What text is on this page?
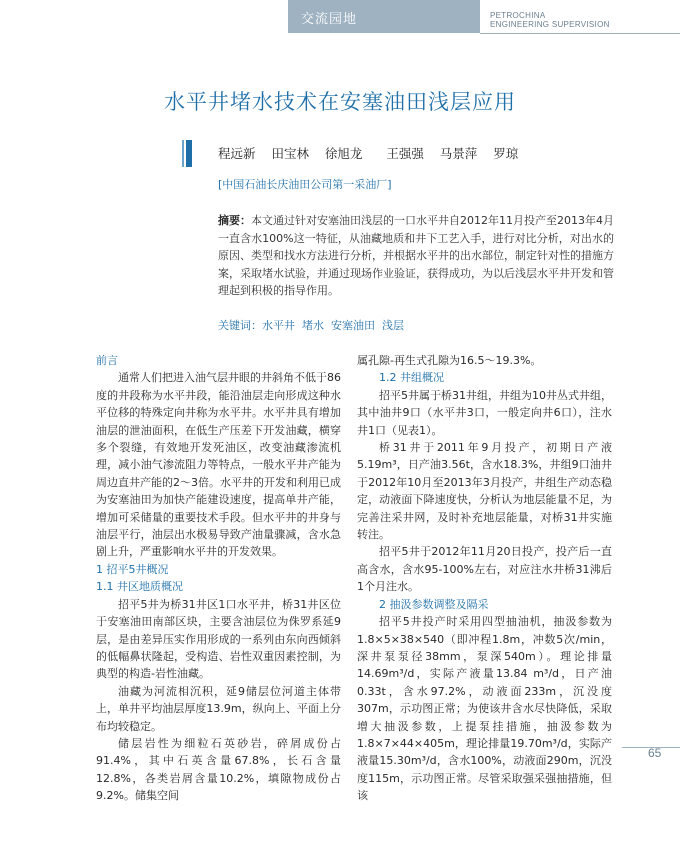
交流园地	PETROCHINA
ENGINEERING SUPERVISION
水平井堵水技术在安塞油田浅层应用
程远新  田宝林  徐旭龙   王强强  马景萍  罗琼
[中国石油长庆油田公司第一采油厂]
摘要：本文通过针对安塞油田浅层的一口水平井自2012年11月投产至2013年4月一直含水100%这一特征，从油藏地质和井下工艺入手，进行对比分析，对出水的原因、类型和找水方法进行分析，并根据水平井的出水部位，制定针对性的措施方案，采取堵水试验，并通过现场作业验证，获得成功，为以后浅层水平井开发和管理起到积极的指导作用。
关键词：水平井  堵水  安塞油田  浅层
前言

通常人们把进入油气层井眼的井斜角不低于86度的井段称为水平井段，能沿油层走向形成这种水平位移的特殊定向井称为水平井。水平井具有增加油层的泄油面积，在低生产压差下开发油藏，横穿多个裂缝，有效地开发死油区，改变油藏渗流机理，减小油气渗流阻力等特点，一般水平井产能为周边直井产能的2～3倍。水平井的开发和利用已成为安塞油田为加快产能建设速度，提高单井产能，增加可采储量的重要技术手段。但水平井的井身与油层平行，油层出水极易导致产油量骤减，含水急剧上升，严重影响水平井的开发效果。

1 招平5井概况
1.1 井区地质概况

招平5井为桥31井区1口水平井，桥31井区位于安塞油田南部区块，主要含油层位为侏罗系延9层，是由差异压实作用形成的一系列由东向西倾斜的低幅鼻状隆起，受构造、岩性双重因素控制，为典型的构造-岩性油藏。

油藏为河流相沉积，延9储层位河道主体带上，单井平均油层厚度13.9m，纵向上、平面上分布均较稳定。

储层岩性为细粒石英砂岩，碎屑成份占91.4%，其中石英含量67.8%，长石含量12.8%，各类岩屑含量10.2%，填隙物成份占9.2%。储集空间

属孔隙-再生式孔隙为16.5～19.3%。

1.2 井组概况

招平5井属于桥31井组，井组为10井丛式井组，其中油井9口（水平井3口，一般定向井6口），注水井1口（见表1）。

桥31井于2011年9月投产，初期日产液5.19m³，日产油3.56t，含水18.3%，井组9口油井于2012年10月至2013年3月投产，井组生产动态稳定，动液面下降速度快，分析认为地层能量不足，为完善注采井网，及时补充地层能量，对桥31井实施转注。

招平5井于2012年11月20日投产，投产后一直高含水，含水95-100%左右，对应注水井桥31沸后1个月注水。

2 抽汲参数调整及隔采

招平5井投产时采用四型抽油机，抽汲参数为1.8×5×38×540（即冲程1.8m，冲数5次/min，深井泵泵径38mm，泵深540m）。理论排量14.69m³/d，实际产液量13.84 m³/d，日产油0.33t，含水97.2%，动液面233m，沉没度307m，示功图正常；为使该井含水尽快降低，采取增大抽汲参数，上提泵挂措施，抽汲参数为1.8×7×44×405m，理论排量19.70m³/d，实际产液量15.30m³/d，含水100%，动液面290m，沉没度115m，示功图正常。尽管采取强采强抽措施，但该

65
